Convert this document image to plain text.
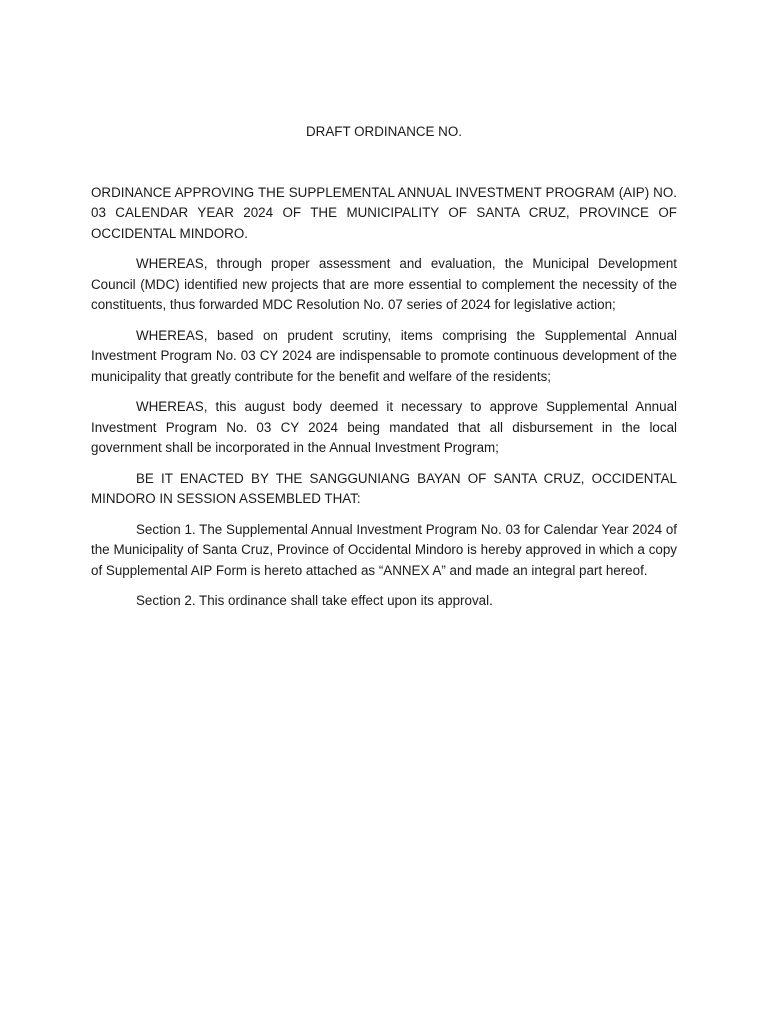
DRAFT ORDINANCE NO.
ORDINANCE APPROVING THE SUPPLEMENTAL ANNUAL INVESTMENT PROGRAM (AIP) NO. 03 CALENDAR YEAR 2024 OF THE MUNICIPALITY OF SANTA CRUZ, PROVINCE OF OCCIDENTAL MINDORO.

WHEREAS, through proper assessment and evaluation, the Municipal Development Council (MDC) identified new projects that are more essential to complement the necessity of the constituents, thus forwarded MDC Resolution No. 07 series of 2024 for legislative action;

WHEREAS, based on prudent scrutiny, items comprising the Supplemental Annual Investment Program No. 03 CY 2024 are indispensable to promote continuous development of the municipality that greatly contribute for the benefit and welfare of the residents;

WHEREAS, this august body deemed it necessary to approve Supplemental Annual Investment Program No. 03 CY 2024 being mandated that all disbursement in the local government shall be incorporated in the Annual Investment Program;

BE IT ENACTED BY THE SANGGUNIANG BAYAN OF SANTA CRUZ, OCCIDENTAL MINDORO IN SESSION ASSEMBLED THAT:

Section 1. The Supplemental Annual Investment Program No. 03 for Calendar Year 2024 of the Municipality of Santa Cruz, Province of Occidental Mindoro is hereby approved in which a copy of Supplemental AIP Form is hereto attached as “ANNEX A” and made an integral part hereof.

Section 2. This ordinance shall take effect upon its approval.
